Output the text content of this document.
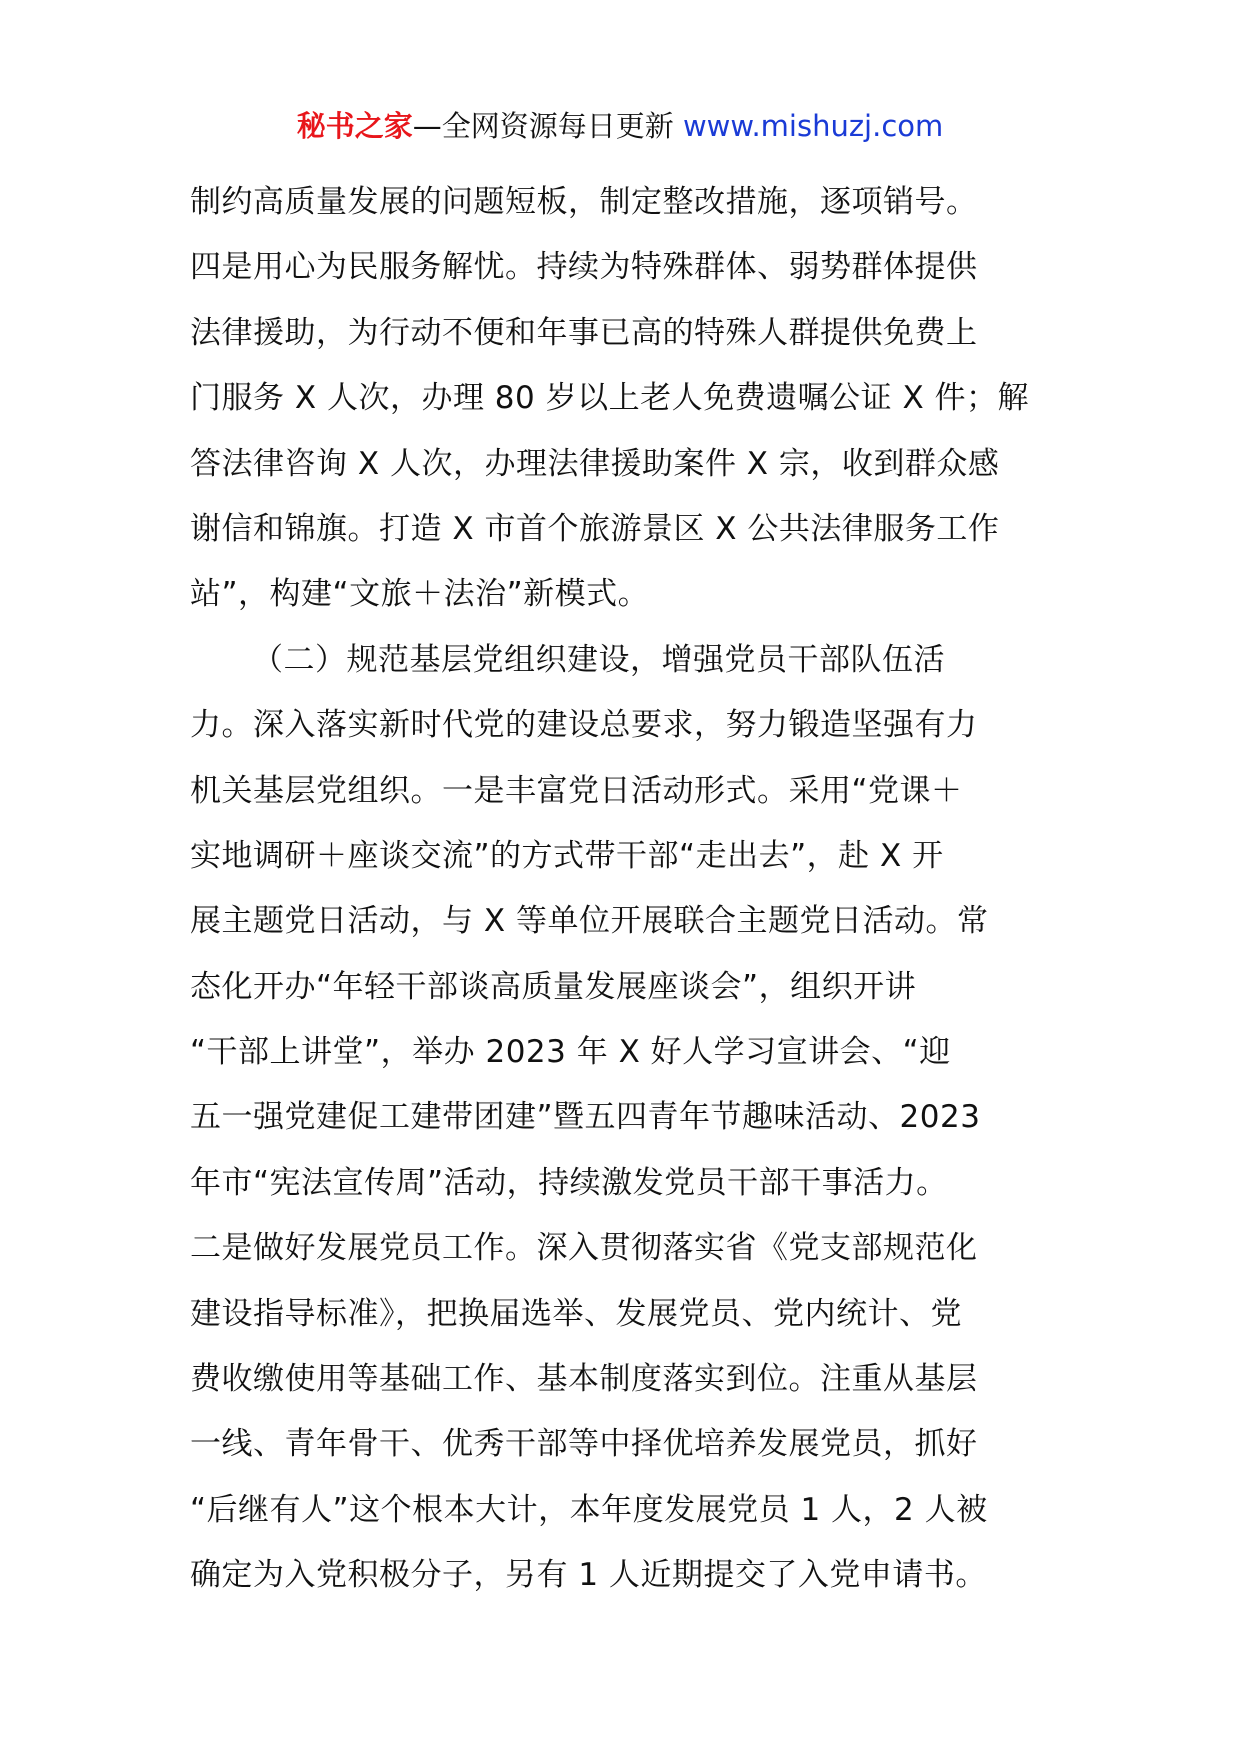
秘书之家—全网资源每日更新 www.mishuzj.com
制约高质量发展的问题短板，制定整改措施，逐项销号。
四是用心为民服务解忧。持续为特殊群体、弱势群体提供
法律援助，为行动不便和年事已高的特殊人群提供免费上
门服务 X 人次，办理 80 岁以上老人免费遗嘱公证 X 件；解
答法律咨询 X 人次，办理法律援助案件 X 宗，收到群众感
谢信和锦旗。打造 X 市首个旅游景区 X 公共法律服务工作
站”，构建“文旅＋法治”新模式。
（二）规范基层党组织建设，增强党员干部队伍活
力。深入落实新时代党的建设总要求，努力锻造坚强有力
机关基层党组织。一是丰富党日活动形式。采用“党课＋
实地调研＋座谈交流”的方式带干部“走出去”，赴 X 开
展主题党日活动，与 X 等单位开展联合主题党日活动。常
态化开办“年轻干部谈高质量发展座谈会”，组织开讲
“干部上讲堂”，举办 2023 年 X 好人学习宣讲会、“迎
五一强党建促工建带团建”暨五四青年节趣味活动、2023
年市“宪法宣传周”活动，持续激发党员干部干事活力。
二是做好发展党员工作。深入贯彻落实省《党支部规范化
建设指导标准》，把换届选举、发展党员、党内统计、党
费收缴使用等基础工作、基本制度落实到位。注重从基层
一线、青年骨干、优秀干部等中择优培养发展党员，抓好
“后继有人”这个根本大计，本年度发展党员 1 人，2 人被
确定为入党积极分子，另有 1 人近期提交了入党申请书。
